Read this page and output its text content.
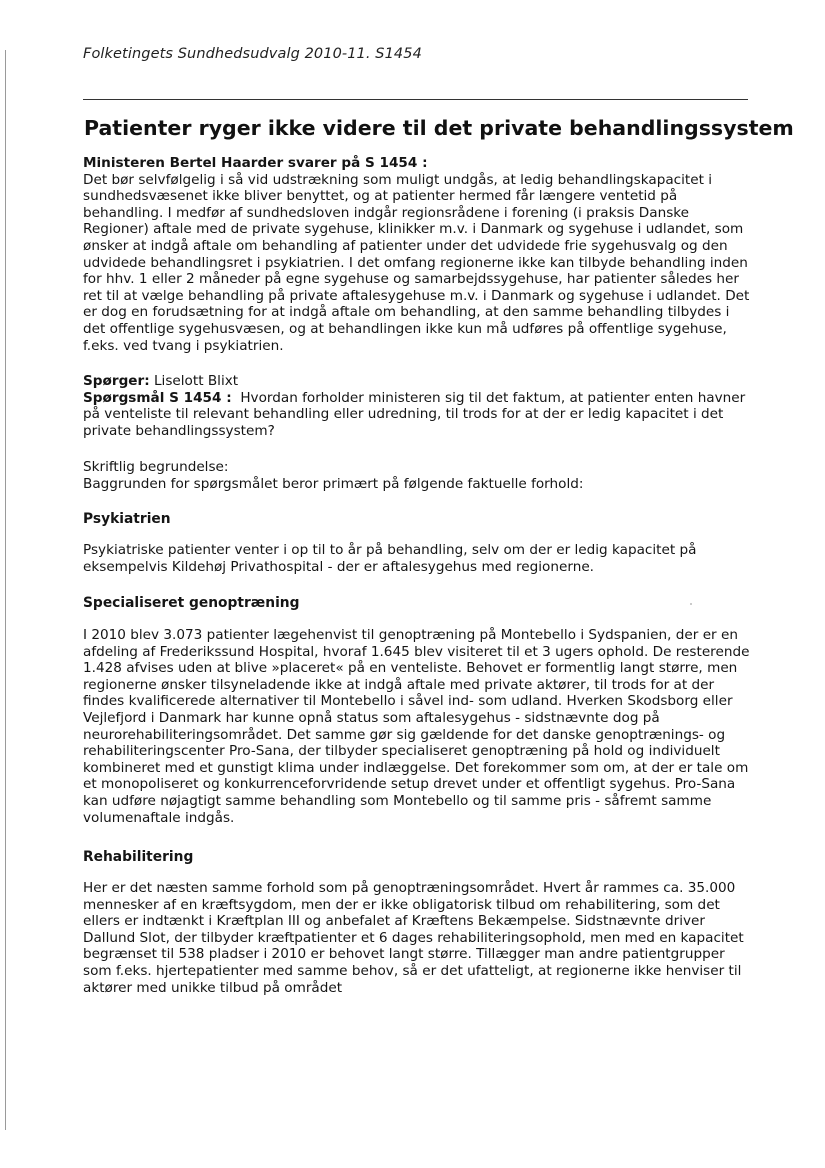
Folketingets Sundhedsudvalg 2010-11. S1454
Patienter ryger ikke videre til det private behandlingssystem

Ministeren Bertel Haarder svarer på S 1454 :

Det bør selvfølgelig i så vid udstrækning som muligt undgås, at ledig behandlingskapacitet i sundhedsvæsenet ikke bliver benyttet, og at patienter hermed får længere ventetid på behandling. I medfør af sundhedsloven indgår regionsrådene i forening (i praksis Danske Regioner) aftale med de private sygehuse, klinikker m.v. i Danmark og sygehuse i udlandet, som ønsker at indgå aftale om behandling af patienter under det udvidede frie sygehusvalg og den udvidede behandlingsret i psykiatrien. I det omfang regionerne ikke kan tilbyde behandling inden for hhv. 1 eller 2 måneder på egne sygehuse og samarbejdssygehuse, har patienter således her ret til at vælge behandling på private aftalesygehuse m.v. i Danmark og sygehuse i udlandet. Det er dog en forudsætning for at indgå aftale om behandling, at den samme behandling tilbydes i det offentlige sygehusvæsen, og at behandlingen ikke kun må udføres på offentlige sygehuse, f.eks. ved tvang i psykiatrien.

Spørger: Liselott Blixt

Spørgsmål S 1454 : Hvordan forholder ministeren sig til det faktum, at patienter enten havner på venteliste til relevant behandling eller udredning, til trods for at der er ledig kapacitet i det private behandlingssystem?

Skriftlig begrundelse:

Baggrunden for spørgsmålet beror primært på følgende faktuelle forhold:

Psykiatrien
Psykiatriske patienter venter i op til to år på behandling, selv om der er ledig kapacitet på eksempelvis Kildehøj Privathospital - der er aftalesygehus med regionerne.
Specialiseret genoptræning
I 2010 blev 3.073 patienter lægehenvist til genoptræning på Montebello i Sydspanien, der er en afdeling af Frederikssund Hospital, hvoraf 1.645 blev visiteret til et 3 ugers ophold. De resterende 1.428 afvises uden at blive »placeret« på en venteliste. Behovet er formentlig langt større, men regionerne ønsker tilsyneladende ikke at indgå aftale med private aktører, til trods for at der findes kvalificerede alternativer til Montebello i såvel ind- som udland. Hverken Skodsborg eller Vejlefjord i Danmark har kunne opnå status som aftalesygehus - sidstnævnte dog på neurorehabiliteringsområdet. Det samme gør sig gældende for det danske genoptrænings- og rehabiliteringscenter Pro-Sana, der tilbyder specialiseret genoptræning på hold og individuelt kombineret med et gunstigt klima under indlæggelse. Det forekommer som om, at der er tale om et monopoliseret og konkurrenceforvridende setup drevet under et offentligt sygehus. Pro-Sana kan udføre nøjagtigt samme behandling som Montebello og til samme pris - såfremt samme volumenaftale indgås.
Rehabilitering
Her er det næsten samme forhold som på genoptræningsområdet. Hvert år rammes ca. 35.000 mennesker af en kræftsygdom, men der er ikke obligatorisk tilbud om rehabilitering, som det ellers er indtænkt i Kræftplan III og anbefalet af Kræftens Bekæmpelse. Sidstnævnte driver Dallund Slot, der tilbyder kræftpatienter et 6 dages rehabiliteringsophold, men med en kapacitet begrænset til 538 pladser i 2010 er behovet langt større. Tillægger man andre patientgrupper som f.eks. hjertepatienter med samme behov, så er det ufatteligt, at regionerne ikke henviser til aktører med unikke tilbud på området
